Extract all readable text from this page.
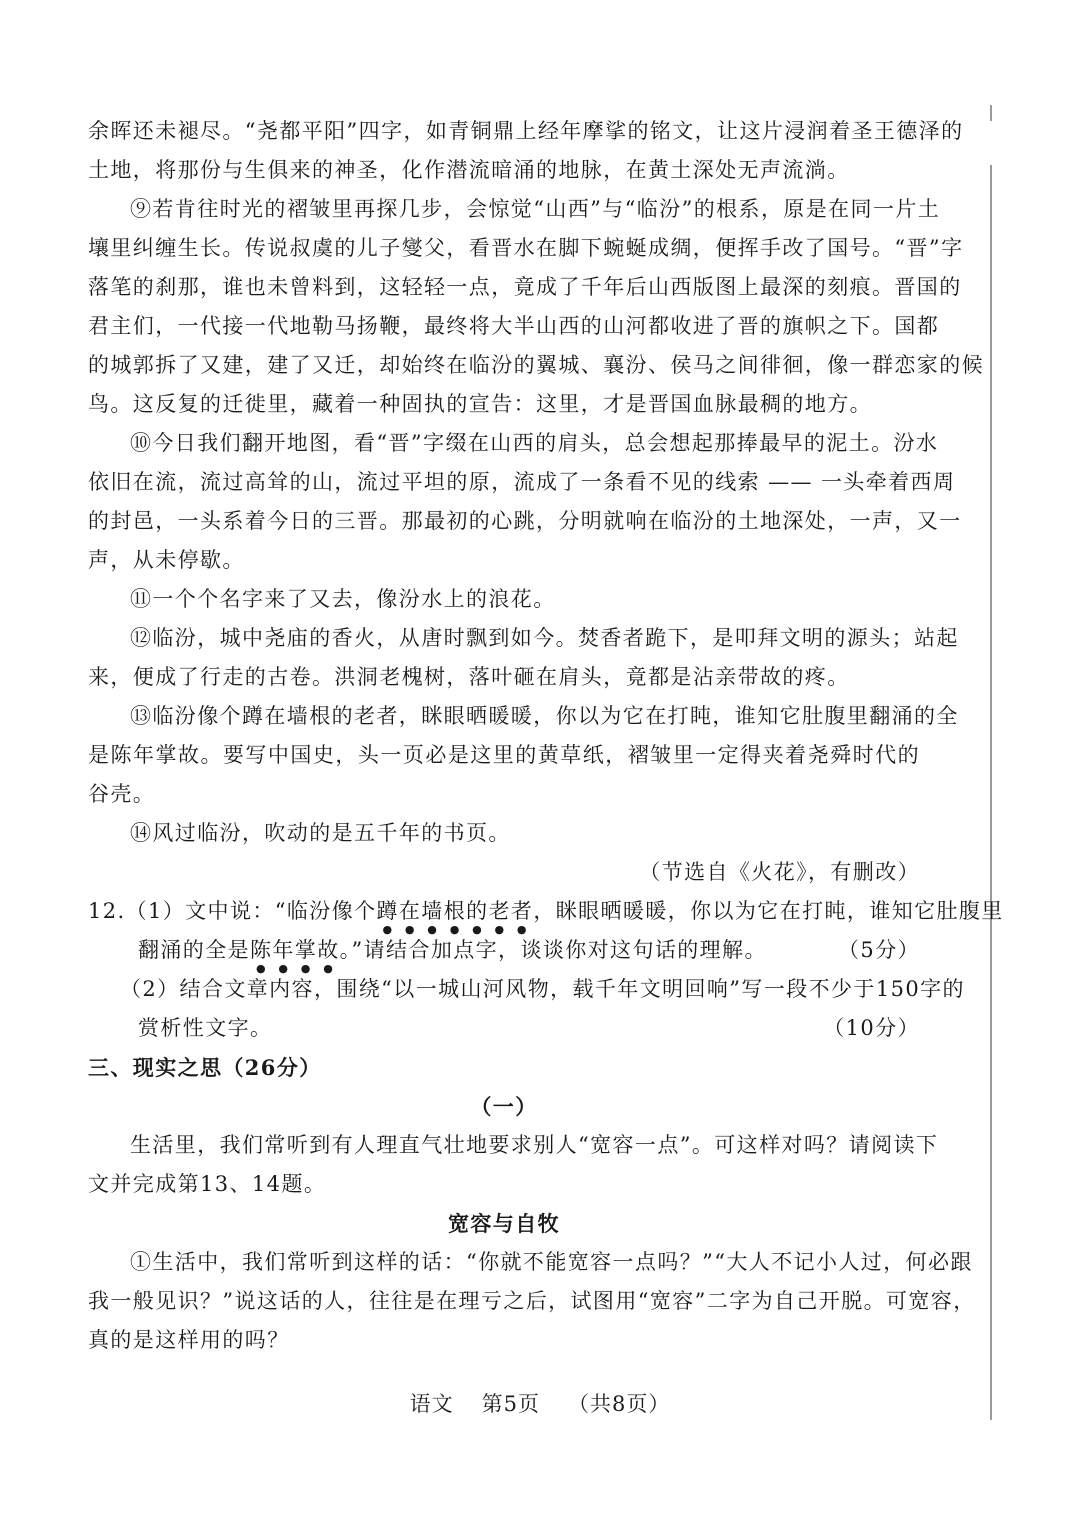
余晖还未褪尽。“尧都平阳”四字，如青铜鼎上经年摩挲的铭文，让这片浸润着圣王德泽的
土地，将那份与生俱来的神圣，化作潜流暗涌的地脉，在黄土深处无声流淌。
⑨若肯往时光的褶皱里再探几步，会惊觉“山西”与“临汾”的根系，原是在同一片土
壤里纠缠生长。传说叔虞的儿子燮父，看晋水在脚下蜿蜒成绸，便挥手改了国号。“晋”字
落笔的刹那，谁也未曾料到，这轻轻一点，竟成了千年后山西版图上最深的刻痕。晋国的
君主们，一代接一代地勒马扬鞭，最终将大半山西的山河都收进了晋的旗帜之下。国都
的城郭拆了又建，建了又迁，却始终在临汾的翼城、襄汾、侯马之间徘徊，像一群恋家的候
鸟。这反复的迁徙里，藏着一种固执的宣告：这里，才是晋国血脉最稠的地方。
⑩今日我们翻开地图，看“晋”字缀在山西的肩头，总会想起那捧最早的泥土。汾水
依旧在流，流过高耸的山，流过平坦的原，流成了一条看不见的线索 —— 一头牵着西周
的封邑，一头系着今日的三晋。那最初的心跳，分明就响在临汾的土地深处，一声，又一
声，从未停歇。
⑪一个个名字来了又去，像汾水上的浪花。
⑫临汾，城中尧庙的香火，从唐时飘到如今。焚香者跪下，是叩拜文明的源头；站起
来，便成了行走的古卷。洪洞老槐树，落叶砸在肩头，竟都是沾亲带故的疼。
⑬临汾像个蹲在墙根的老者，眯眼晒暖暖，你以为它在打盹，谁知它肚腹里翻涌的全
是陈年掌故。要写中国史，头一页必是这里的黄草纸，褶皱里一定得夹着尧舜时代的
谷壳。
⑭风过临汾，吹动的是五千年的书页。
（节选自《火花》，有删改）
12.（1）文中说：“临汾像个蹲在墙根的老者，眯眼晒暖暖，你以为它在打盹，谁知它肚腹里
翻涌的全是陈年掌故。”请结合加点字，谈谈你对这句话的理解。	（5分）
（2）结合文章内容，围绕“以一城山河风物，载千年文明回响”写一段不少于150字的
赏析性文字。	（10分）
三、现实之思（26分）
（一）
生活里，我们常听到有人理直气壮地要求别人“宽容一点”。可这样对吗？请阅读下
文并完成第13、14题。
宽容与自牧
①生活中，我们常听到这样的话：“你就不能宽容一点吗？”“大人不记小人过，何必跟
我一般见识？”说这话的人，往往是在理亏之后，试图用“宽容”二字为自己开脱。可宽容，
真的是这样用的吗？
语文 第5页 （共8页）
